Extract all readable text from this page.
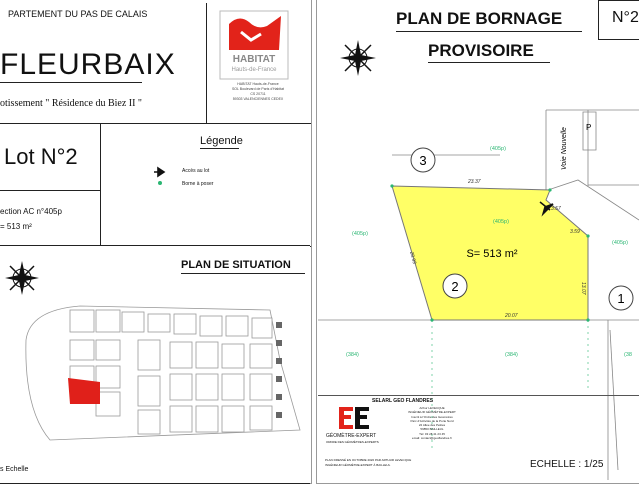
PARTEMENT DU PAS DE CALAIS
FLEURBAIX
otissement " Résidence du Biez II "
HABITAT
Hauts-de-France
HABITAT Hauts-de-France
SOL Boulevard de Paris d'Habitat
CS 20711
59303 VALENCIENNES CEDEX
Lot N°2
ection AC n°405p
= 513 m²
Légende
Accès au lot
Borne à poser
PLAN DE SITUATION
s Echelle
PLAN DE BORNAGE
PROVISOIRE
N°2
3
2
1
S= 513 m²
Voie Nouvelle P
(405p)
(405p)
(405p)
(405p)
(384)	(384)	(38
23.37
3.57
3.59
13.07
20.07
28.93
GÉOMÈTRE-EXPERT
ORDRE DES GÉOMÈTRES-EXPERTS
SELARL GEO FLANDRES
Arthur LEVECQUE
INGÉNIEUR GÉOMÈTRE-EXPERT
Inscrit à l'Ordre des Géomètres
Parc d'Activités de la Porte Nord
22 Allée des Petites
59850 BAILLEUL
Tél: 03 28 41 23 45
email: contact@geoflandres.fr
PLAN DRESSÉ EN OCTOBRE 2020 PAR ARTHUR LEVECQUE
INGÉNIEUR GÉOMÈTRE-EXPERT À BAILLEUL	ECHELLE : 1/25
